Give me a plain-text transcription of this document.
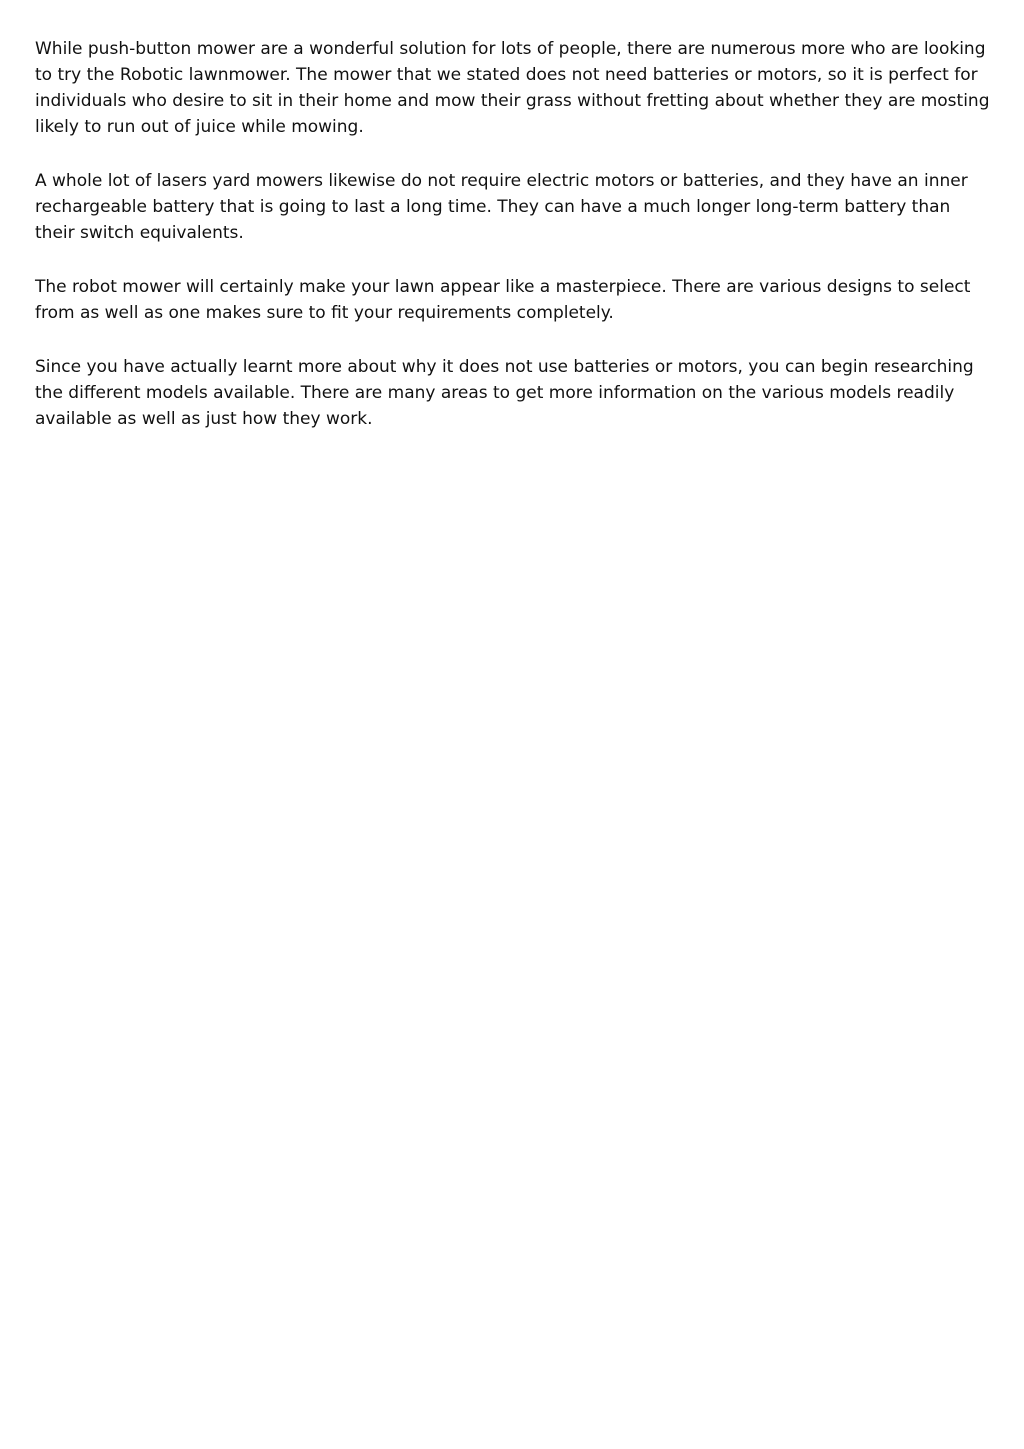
While push-button mower are a wonderful solution for lots of people, there are numerous more who are looking to try the Robotic lawnmower. The mower that we stated does not need batteries or motors, so it is perfect for individuals who desire to sit in their home and mow their grass without fretting about whether they are mosting likely to run out of juice while mowing.

A whole lot of lasers yard mowers likewise do not require electric motors or batteries, and they have an inner rechargeable battery that is going to last a long time. They can have a much longer long-term battery than their switch equivalents.

The robot mower will certainly make your lawn appear like a masterpiece. There are various designs to select from as well as one makes sure to fit your requirements completely.

Since you have actually learnt more about why it does not use batteries or motors, you can begin researching the different models available. There are many areas to get more information on the various models readily available as well as just how they work.
